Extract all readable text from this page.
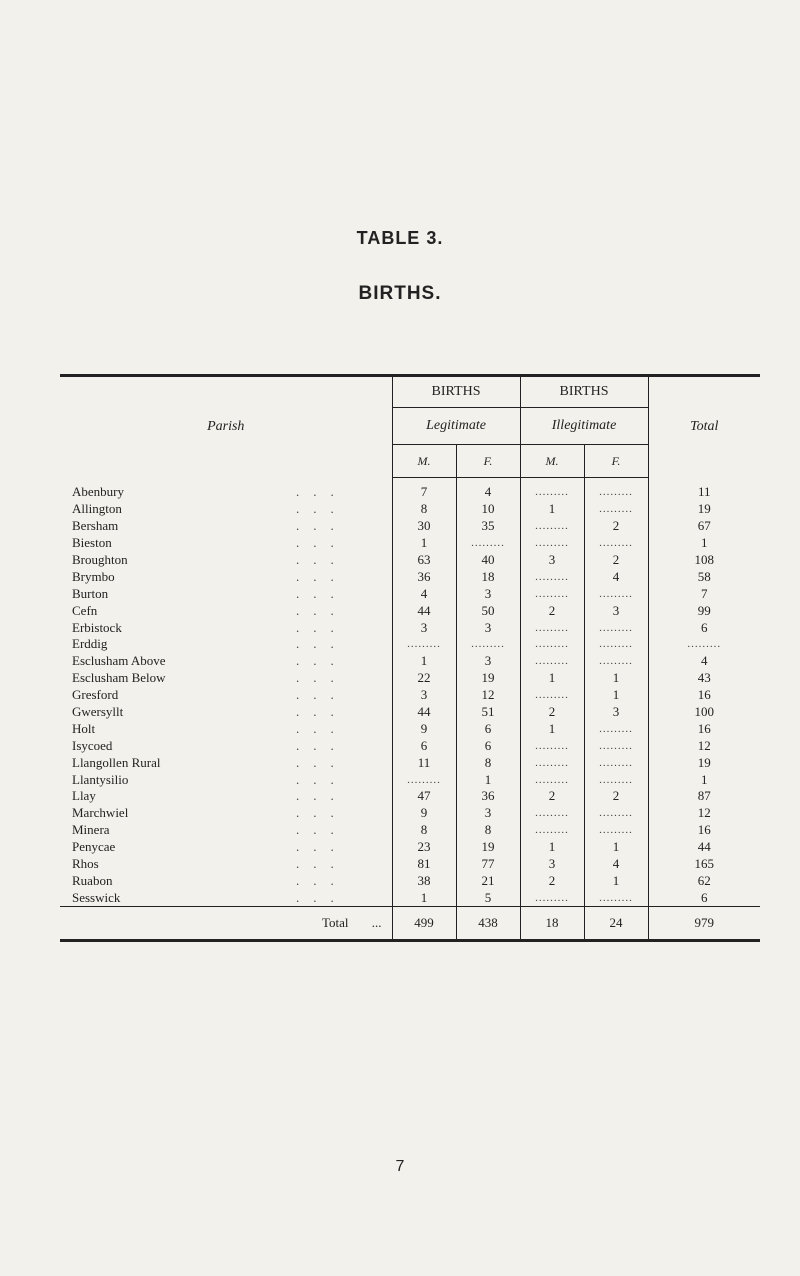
TABLE 3.
BIRTHS.
Parish	BIRTHS		BIRTHS		Total
	Legitimate		Illegitimate		
	M.	F.	M.	F.	
Abenbury ...	7	4	.........	.........	11
Allington ...	8	10	1	.........	19
Bersham ...	30	35	.........	2	67
Bieston ...	1	.........	.........	.........	1
Broughton ...	63	40	3	2	108
Brymbo ...	36	18	.........	4	58
Burton ...	4	3	.........	.........	7
Cefn ...	44	50	2	3	99
Erbistock ...	3	3	.........	.........	6
Erddig ...	.........	.........	.........	.........	.........
Esclusham Above ...	1	3	.........	.........	4
Esclusham Below ...	22	19	1	1	43
Gresford ...	3	12	.........	1	16
Gwersyllt ...	44	51	2	3	100
Holt ...	9	6	1	.........	16
Isycoed ...	6	6	.........	.........	12
Llangollen Rural ...	11	8	.........	.........	19
Llantysilio ...	.........	1	.........	.........	1
Llay ...	47	36	2	2	87
Marchwiel ...	9	3	.........	.........	12
Minera ...	8	8	.........	.........	16
Penycae ...	23	19	1	1	44
Rhos ...	81	77	3	4	165
Ruabon ...	38	21	2	1	62
Sesswick ...	1	5	.........	.........	6
Total ...	499	438	18	24	979
7
